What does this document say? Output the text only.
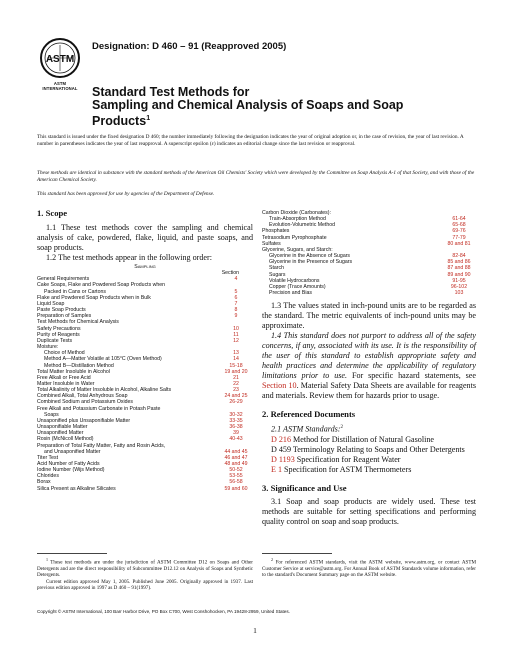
ASTM
ASTM INTERNATIONAL
Designation: D 460 – 91 (Reapproved 2005)
Standard Test Methods for
Sampling and Chemical Analysis of Soaps and Soap
Products$^1$
This standard is issued under the fixed designation D 460; the number immediately following the designation indicates the year of original adoption or, in the case of revision, the year of last revision. A number in parentheses indicates the year of last reapproval. A superscript epsilon (ε) indicates an editorial change since the last revision or reapproval.
These methods are identical in substance with the standard methods of the American Oil Chemists' Society which were developed by the Committee on Soap Analysis A-1 of that Society, and with those of the American Chemical Society.
This standard has been approved for use by agencies of the Department of Defense.
1. Scope
1.1 These test methods cover the sampling and chemical analysis of cake, powdered, flake, liquid, and paste soaps, and soap products.
1.2 The test methods appear in the following order:
Sampling
Section
General Requirements	4
Cake Soaps, Flake and Powdered Soap Products when
Packed in Cans or Cartons	5
Flake and Powdered Soap Products when in Bulk	6
Liquid Soap	7
Paste Soap Products	8
Preparation of Samples	9
Test Methods for Chemical Analysis
Safety Precautions	10
Purity of Reagents	11
Duplicate Tests	12
Moisture:
Choice of Method	13
Method A—Matter Volatile at 105°C (Oven Method)	14
Method B—Distillation Method	15-18
Total Matter Insoluble in Alcohol	19 and 20
Free Alkali or Free Acid	21
Matter Insoluble in Water	22
Total Alkalinity of Matter Insoluble in Alcohol, Alkaline Salts	23
Combined Alkali, Total Anhydrous Soap	24 and 25
Combined Sodium and Potassium Oxides	26-29
Free Alkali and Potassium Carbonate in Potash Paste
Soaps	30-32
Unsaponified plus Unsaponifiable Matter	33-35
Unsaponifiable Matter	36-38
Unsaponified Matter	39
Rosin (McNicoll Method)	40-43
Preparation of Total Fatty Matter, Fatty and Rosin Acids,
and Unsaponified Matter	44 and 45
Titer Test	46 and 47
Acid Number of Fatty Acids	48 and 49
Iodine Number (Wijs Method)	50-52
Chlorides	53-55
Borax	56-58
Silica Present as Alkaline Silicates	59 and 60
Carbon Dioxide (Carbonates):
Train-Absorption Method	61-64
Evolution-Volumetric Method	65-68
Phosphates	69-76
Tetrasodium Pyrophosphate	77-79
Sulfates	80 and 81
Glycerine, Sugars, and Starch:
Glycerine in the Absence of Sugars	82-84
Glycerine in the Presence of Sugars	85 and 86
Starch	87 and 88
Sugars	89 and 90
Volatile Hydrocarbons	91-95
Copper (Trace Amounts)	96-102
Precision and Bias	103
1.3 The values stated in inch-pound units are to be regarded as the standard. The metric equivalents of inch-pound units may be approximate.
1.4 This standard does not purport to address all of the safety concerns, if any, associated with its use. It is the responsibility of the user of this standard to establish appropriate safety and health practices and determine the applicability of regulatory limitations prior to use. For specific hazard statements, see Section 10. Material Safety Data Sheets are available for reagents and materials. Review them for hazards prior to usage.
2. Referenced Documents
2.1 ASTM Standards:$^2$
D 216 Method for Distillation of Natural Gasoline
D 459 Terminology Relating to Soaps and Other Detergents
D 1193 Specification for Reagent Water
E 1 Specification for ASTM Thermometers
3. Significance and Use
3.1 Soap and soap products are widely used. These test methods are suitable for setting specifications and performing quality control on soap and soap products.
$^1$ These test methods are under the jurisdiction of ASTM Committee D12 on Soaps and Other Detergents and are the direct responsibility of Subcommittee D12.12 on Analysis of Soaps and Synthetic Detergents.
Current edition approved May 1, 2005. Published June 2005. Originally approved in 1937. Last previous edition approved in 1997 as D 460 – 91(1997).
$^2$ For referenced ASTM standards, visit the ASTM website, www.astm.org, or contact ASTM Customer Service at service@astm.org. For Annual Book of ASTM Standards volume information, refer to the standard's Document Summary page on the ASTM website.
Copyright © ASTM International, 100 Barr Harbor Drive, PO Box C700, West Conshohocken, PA 19428-2959, United States.
1
